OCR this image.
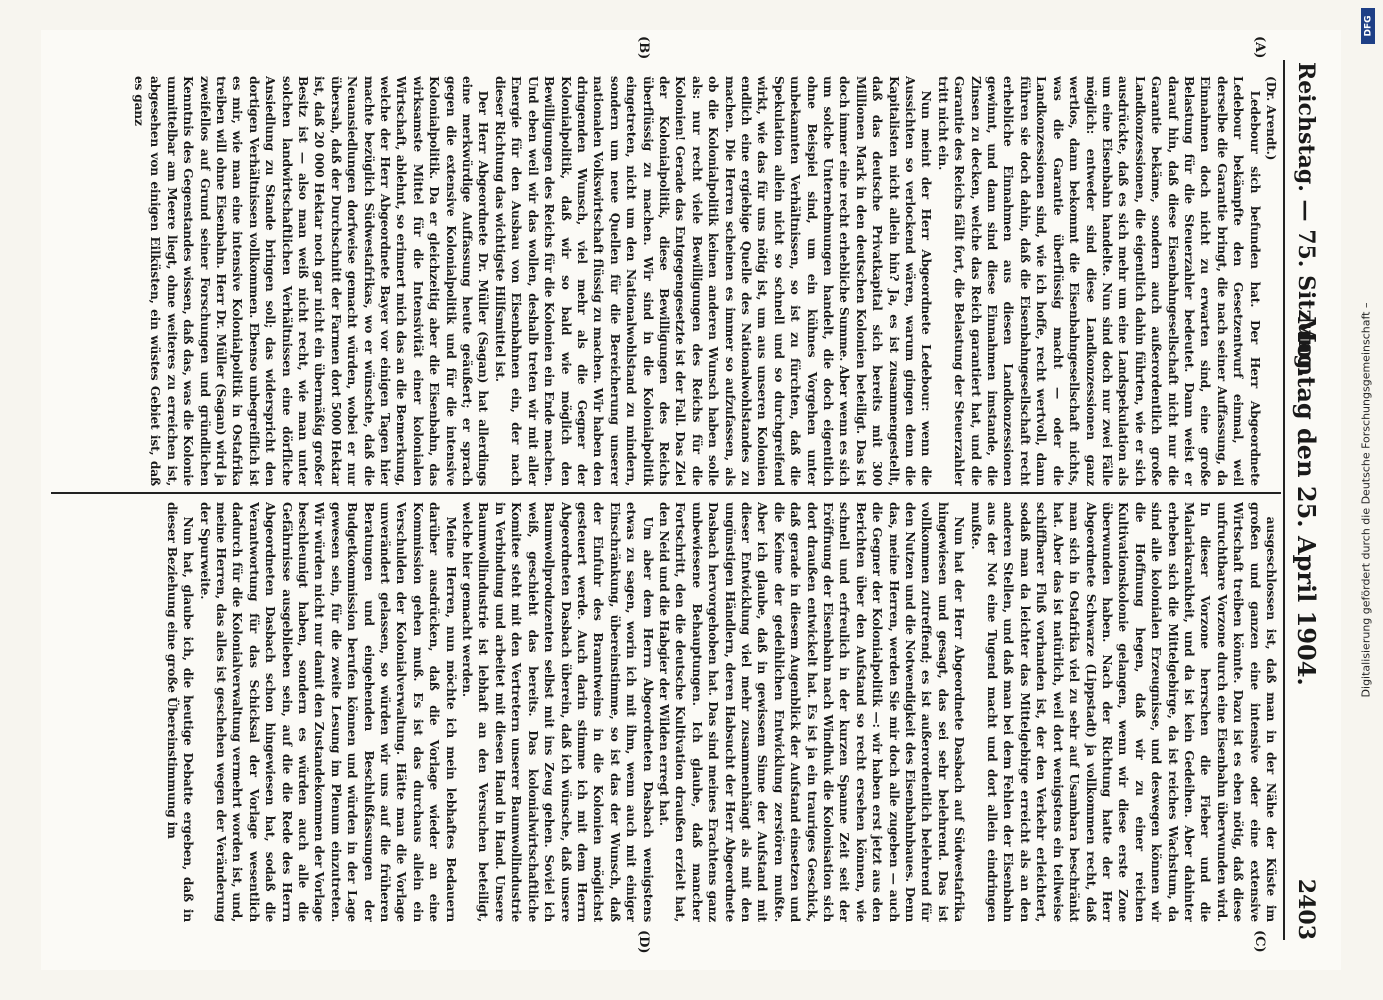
Reichstag. — 75. Sitzung.
Montag den 25. April 1904.
2403
(A)
(B)
(C)
(D)

(Dr. Arendt.)

Ledebour sich befunden hat. Der Herr Abgeordnete Ledebour bekämpfte den Gesetzentwurf einmal, weil derselbe die Garantie bringt, die nach seiner Auffassung, da Einnahmen doch nicht zu erwarten sind, eine große Belastung für die Steuerzahler bedeutet. Dann weist er darauf hin, daß diese Eisenbahngesellschaft nicht nur die Garantie bekäme, sondern auch außerordentlich große Landkonzessionen, die eigentlich dahin führten, wie er sich ausdrückte, daß es sich mehr um eine Landspekulation als um eine Eisenbahn handelte. Nun sind doch nur zwei Fälle möglich: entweder sind diese Landkonzessionen ganz wertlos, dann bekommt die Eisenbahngesellschaft nichts, was die Garantie überflüssig macht — oder die Landkonzessionen sind, wie ich hoffe, recht wertvoll, dann führen sie doch dahin, daß die Eisenbahngesellschaft recht erhebliche Einnahmen aus diesen Landkonzessionen gewinnt, und dann sind diese Einnahmen imstande, die Zinsen zu decken, welche das Reich garantiert hat, und die Garantie des Reichs fällt fort, die Belastung der Steuerzahler tritt nicht ein.

Nun meint der Herr Abgeordnete Ledebour: wenn die Aussichten so verlockend wären, warum gingen denn die Kapitalisten nicht allein hin? Ja, es ist zusammengestellt, daß das deutsche Privatkapital sich bereits mit 300 Millionen Mark in den deutschen Kolonien beteiligt. Das ist doch immer eine recht erhebliche Summe. Aber wenn es sich um solche Unternehmungen handelt, die doch eigentlich ohne Beispiel sind, um ein kühnes Vorgehen unter unbekannten Verhältnissen, so ist zu fürchten, daß die Spekulation allein nicht so schnell und so durchgreifend wirkt, wie das für uns nötig ist, um aus unseren Kolonien endlich eine ergiebige Quelle des Nationalwohlstandes zu machen. Die Herren scheinen es immer so aufzufassen, als ob die Kolonialpolitik keinen anderen Wunsch haben solle als: nur recht viele Bewilligungen des Reichs für die Kolonien! Gerade das Entgegengesetzte ist der Fall. Das Ziel der Kolonialpolitik, diese Bewilligungen des Reichs überflüssig zu machen. Wir sind in die Kolonialpolitik eingetreten, nicht um den Nationalwohlstand zu mindern, sondern um neue Quellen für die Bereicherung unserer nationalen Volkswirtschaft flüssig zu machen. Wir haben den dringenden Wunsch, viel mehr als die Gegner der Kolonialpolitik, daß wir so bald wie möglich den Bewilligungen des Reichs für die Kolonien ein Ende machen. Und eben weil wir das wollen, deshalb treten wir mit aller Energie für den Ausbau von Eisenbahnen ein, der nach dieser Richtung das wichtigste Hilfsmittel ist.

Der Herr Abgeordnete Dr. Müller (Sagan) hat allerdings eine merkwürdige Auffassung heute geäußert; er sprach gegen die extensive Kolonialpolitik und für die intensive Kolonialpolitik. Da er gleichzeitig aber die Eisenbahn, das wirksamste Mittel für die Intensivität einer kolonialen Wirtschaft, ablehnt, so erinnert mich das an die Bemerkung, welche der Herr Abgeordnete Bayer vor einigen Tagen hier machte bezüglich Südwestafrikas, wo er wünschte, daß die Neuansiedlungen dorfweise gemacht würden, wobei er nur übersah, daß der Durchschnitt der Farmen dort 5000 Hektar ist, daß 20 000 Hektar noch gar nicht ein übermäßig großer Besitz ist — also man weiß nicht recht, wie man unter solchen landwirtschaftlichen Verhältnissen eine dörfliche Ansiedlung zu Stande bringen soll; das widerspricht den dortigen Verhältnissen vollkommen. Ebenso unbegreiflich ist es mir, wie man eine intensive Kolonialpolitik in Ostafrika treiben will ohne Eisenbahn. Herr Dr. Müller (Sagan) wird ja zweifellos auf Grund seiner Forschungen und gründlichen Kenntnis des Gegenstandes wissen, daß das, was die Kolonie unmittelbar am Meere liegt, ohne weiteres zu erreichen ist, abgesehen von einigen Eilküsten, ein wüstes Gebiet ist, daß es ganz

ausgeschlossen ist, daß man in der Nähe der Küste im großen und ganzen eine intensive oder eine extensive Wirtschaft treiben könnte. Dazu ist es eben nötig, daß diese unfruchtbare Vorzone durch eine Eisenbahn überwunden wird. In dieser Vorzone herrschen die Fieber und die Malariakrankheit, und da ist kein Gedeihen. Aber dahinter erheben sich die Mittelgebirge, da ist reiches Wachstum, da sind alle kolonialen Erzeugnisse, und deswegen können wir die Hoffnung hegen, daß wir zu einer reichen Kultivationskolonie gelangen, wenn wir diese erste Zone überwunden haben. Nach der Richtung hatte der Herr Abgeordnete Schwarze (Lippstadt) ja vollkommen recht, daß man sich in Ostafrika viel zu sehr auf Usambara beschränkt hat. Aber das ist natürlich, weil dort wenigstens ein teilweise schiffbarer Fluß vorhanden ist, der den Verkehr erleichtert, sodaß man da leichter das Mittelgebirge erreicht als an den anderen Stellen, und daß man bei dem Fehlen der Eisenbahn aus der Not eine Tugend macht und dort allein eindringen mußte.

Nun hat der Herr Abgeordnete Dasbach auf Südwestafrika hingewiesen und gesagt, das sei sehr belehrend. Das ist vollkommen zutreffend; es ist außerordentlich belehrend für den Nutzen und die Notwendigkeit des Eisenbahnbaues. Denn das, meine Herren, werden Sie mir doch alle zugeben — auch die Gegner der Kolonialpolitik —: wir haben erst jetzt aus den Berichten über den Aufstand so recht ersehen können, wie schnell und erfreulich in der kurzen Spanne Zeit seit der Eröffnung der Eisenbahn nach Windhuk die Kolonisation sich dort draußen entwickelt hat. Es ist ja ein trauriges Geschick, daß gerade in diesem Augenblick der Aufstand einsetzen und die Keime der gedeihlichen Entwicklung zerstören mußte. Aber ich glaube, daß in gewissem Sinne der Aufstand mit dieser Entwicklung viel mehr zusammenhängt als mit den ungünstigen Händlern, deren Habsucht der Herr Abgeordnete Dasbach hervorgehoben hat. Das sind meines Erachtens ganz unbewiesene Behauptungen. Ich glaube, daß mancher Fortschritt, den die deutsche Kultivation draußen erzielt hat, den Neid und die Habgier der Wilden erregt hat.

Um aber dem Herrn Abgeordneten Dasbach wenigstens etwas zu sagen, worin ich mit ihm, wenn auch mit einiger Einschränkung, übereinstimme, so ist das der Wunsch, daß der Einfuhr des Branntweins in die Kolonien möglichst gesteuert werde. Auch darin stimme ich mit dem Herrn Abgeordneten Dasbach überein, daß ich wünsche, daß unsere Baumwollproduzenten selbst mit ins Zeug gehen. Soviel ich weiß, geschieht das bereits. Das kolonialwirtschaftliche Komitee steht mit den Vertretern unserer Baumwollindustrie in Verbindung und arbeitet mit diesen Hand in Hand. Unsere Baumwollindustrie ist lebhaft an den Versuchen beteiligt, welche hier gemacht werden.

Meine Herren, nun möchte ich mein lebhaftes Bedauern darüber ausdrücken, daß die Vorlage wieder an eine Kommission gehen muß. Es ist das durchaus allein ein Verschulden der Kolonialverwaltung. Hätte man die Vorlage unverändert gelassen, so würden wir uns auf die früheren Beratungen und eingehenden Beschlußfassungen der Budgetkommission berufen können und würden in der Lage gewesen sein, für die zweite Lesung im Plenum einzutreten. Wir würden nicht nur damit den Zustandekommen der Vorlage beschleunigt haben, sondern es würden auch alle die Gefährnisse ausgeblieben sein, auf die die Rede des Herrn Abgeordneten Dasbach schon hingewiesen hat, sodaß die Verantwortung für das Schicksal der Vorlage wesentlich dadurch für die Kolonialverwaltung vermehrt worden ist, und, meine Herren, das alles ist geschehen wegen der Veränderung der Spurweite.

Nun hat, glaube ich, die heutige Debatte ergeben, daß in dieser Beziehung eine große Übereinstimmung im	Digitalisierung gefördert durch die Deutsche Forschungsgemeinschaft –
DFG
